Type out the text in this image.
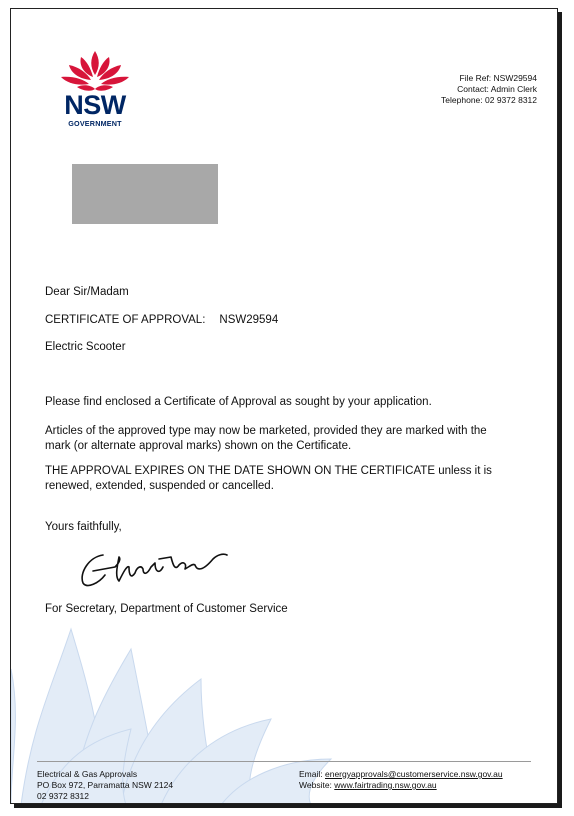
NSW
GOVERNMENT
File Ref: NSW29594
Contact: Admin Clerk
Telephone: 02 9372 8312
Dear Sir/Madam
CERTIFICATE OF APPROVAL: NSW29594
Electric Scooter
Please find enclosed a Certificate of Approval as sought by your application.
Articles of the approved type may now be marketed, provided they are marked with the mark (or alternate approval marks) shown on the Certificate.
THE APPROVAL EXPIRES ON THE DATE SHOWN ON THE CERTIFICATE unless it is renewed, extended, suspended or cancelled.
Yours faithfully,
For Secretary, Department of Customer Service
Electrical & Gas Approvals
PO Box 972, Parramatta NSW 2124
02 9372 8312
Email: energyapprovals@customerservice.nsw.gov.au
Website: www.fairtrading.nsw.gov.au
